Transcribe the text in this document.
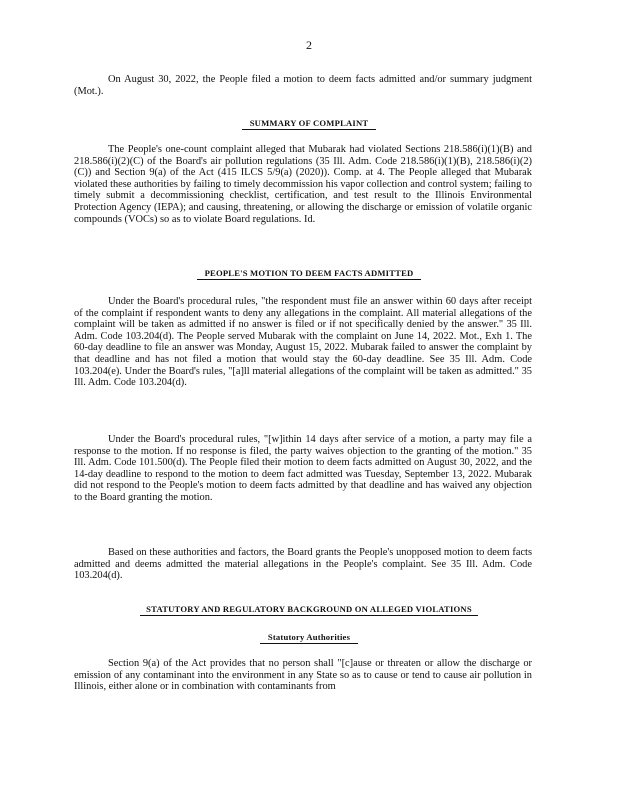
2

On August 30, 2022, the People filed a motion to deem facts admitted and/or summary judgment (Mot.).

SUMMARY OF COMPLAINT

The People's one-count complaint alleged that Mubarak had violated Sections 218.586(i)(1)(B) and 218.586(i)(2)(C) of the Board's air pollution regulations (35 Ill. Adm. Code 218.586(i)(1)(B), 218.586(i)(2)(C)) and Section 9(a) of the Act (415 ILCS 5/9(a) (2020)). Comp. at 4. The People alleged that Mubarak violated these authorities by failing to timely decommission his vapor collection and control system; failing to timely submit a decommissioning checklist, certification, and test result to the Illinois Environmental Protection Agency (IEPA); and causing, threatening, or allowing the discharge or emission of volatile organic compounds (VOCs) so as to violate Board regulations. Id.

PEOPLE'S MOTION TO DEEM FACTS ADMITTED

Under the Board's procedural rules, "the respondent must file an answer within 60 days after receipt of the complaint if respondent wants to deny any allegations in the complaint. All material allegations of the complaint will be taken as admitted if no answer is filed or if not specifically denied by the answer." 35 Ill. Adm. Code 103.204(d). The People served Mubarak with the complaint on June 14, 2022. Mot., Exh 1. The 60-day deadline to file an answer was Monday, August 15, 2022. Mubarak failed to answer the complaint by that deadline and has not filed a motion that would stay the 60-day deadline. See 35 Ill. Adm. Code 103.204(e). Under the Board's rules, "[a]ll material allegations of the complaint will be taken as admitted." 35 Ill. Adm. Code 103.204(d).

Under the Board's procedural rules, "[w]ithin 14 days after service of a motion, a party may file a response to the motion. If no response is filed, the party waives objection to the granting of the motion." 35 Ill. Adm. Code 101.500(d). The People filed their motion to deem facts admitted on August 30, 2022, and the 14-day deadline to respond to the motion to deem fact admitted was Tuesday, September 13, 2022. Mubarak did not respond to the People's motion to deem facts admitted by that deadline and has waived any objection to the Board granting the motion.

Based on these authorities and factors, the Board grants the People's unopposed motion to deem facts admitted and deems admitted the material allegations in the People's complaint. See 35 Ill. Adm. Code 103.204(d).

STATUTORY AND REGULATORY BACKGROUND ON ALLEGED VIOLATIONS

Statutory Authorities

Section 9(a) of the Act provides that no person shall "[c]ause or threaten or allow the discharge or emission of any contaminant into the environment in any State so as to cause or tend to cause air pollution in Illinois, either alone or in combination with contaminants from
